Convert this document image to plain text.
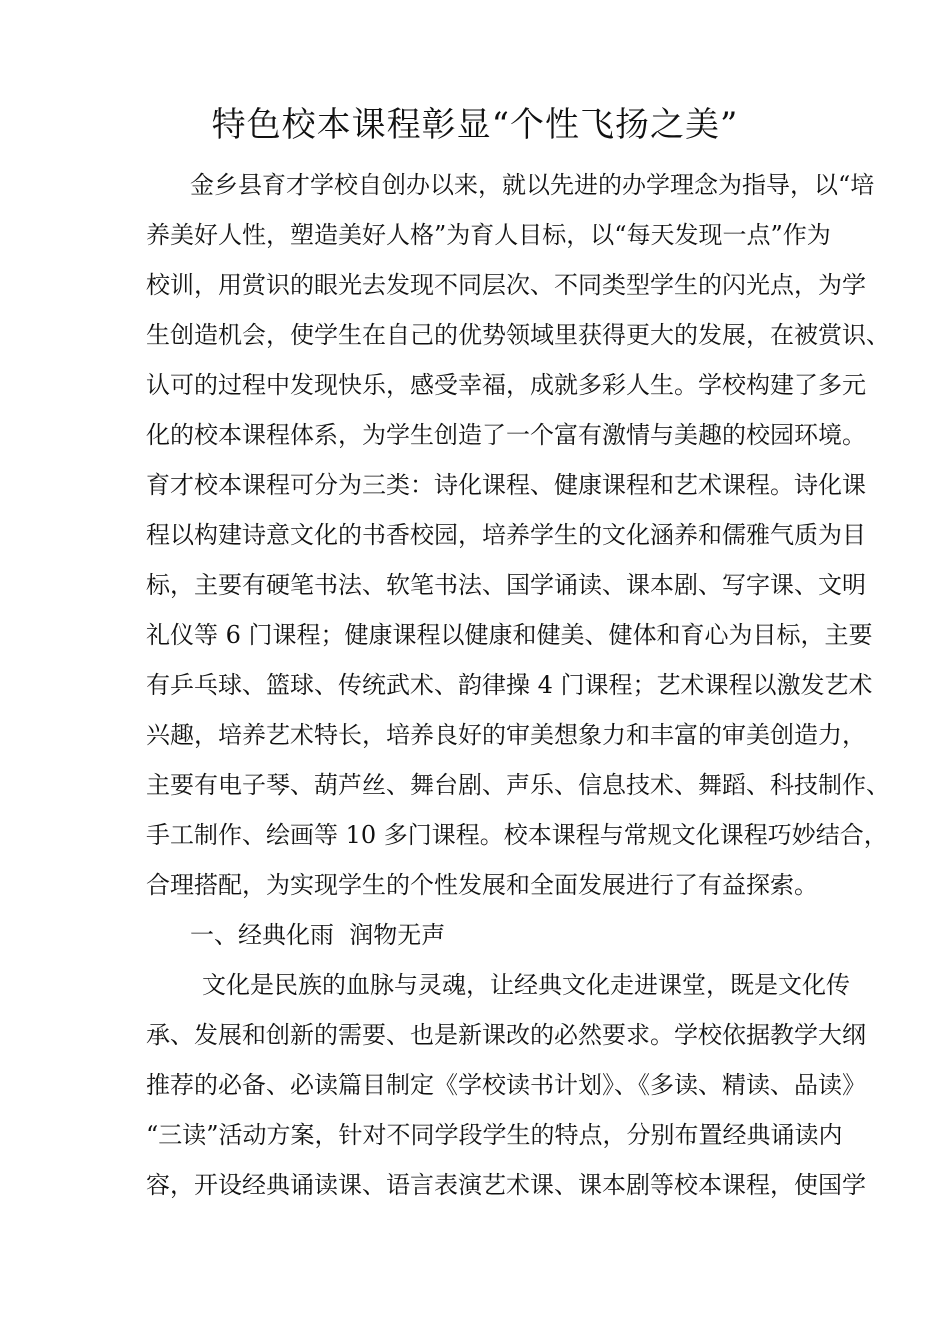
特色校本课程彰显“个性飞扬之美”

金乡县育才学校自创办以来，就以先进的办学理念为指导，以“培

养美好人性，塑造美好人格”为育人目标，以“每天发现一点”作为

校训，用赏识的眼光去发现不同层次、不同类型学生的闪光点，为学

生创造机会，使学生在自己的优势领域里获得更大的发展，在被赏识、

认可的过程中发现快乐，感受幸福，成就多彩人生。学校构建了多元

化的校本课程体系，为学生创造了一个富有激情与美趣的校园环境。

育才校本课程可分为三类：诗化课程、健康课程和艺术课程。诗化课

程以构建诗意文化的书香校园，培养学生的文化涵养和儒雅气质为目

标，主要有硬笔书法、软笔书法、国学诵读、课本剧、写字课、文明

礼仪等 6 门课程；健康课程以健康和健美、健体和育心为目标，主要

有乒乓球、篮球、传统武术、韵律操 4 门课程；艺术课程以激发艺术

兴趣，培养艺术特长，培养良好的审美想象力和丰富的审美创造力，

主要有电子琴、葫芦丝、舞台剧、声乐、信息技术、舞蹈、科技制作、

手工制作、绘画等 10 多门课程。校本课程与常规文化课程巧妙结合，

合理搭配，为实现学生的个性发展和全面发展进行了有益探索。

一、经典化雨  润物无声

文化是民族的血脉与灵魂，让经典文化走进课堂，既是文化传

承、发展和创新的需要、也是新课改的必然要求。学校依据教学大纲

推荐的必备、必读篇目制定《学校读书计划》、《多读、精读、品读》

“三读”活动方案，针对不同学段学生的特点，分别布置经典诵读内

容，开设经典诵读课、语言表演艺术课、课本剧等校本课程，使国学
